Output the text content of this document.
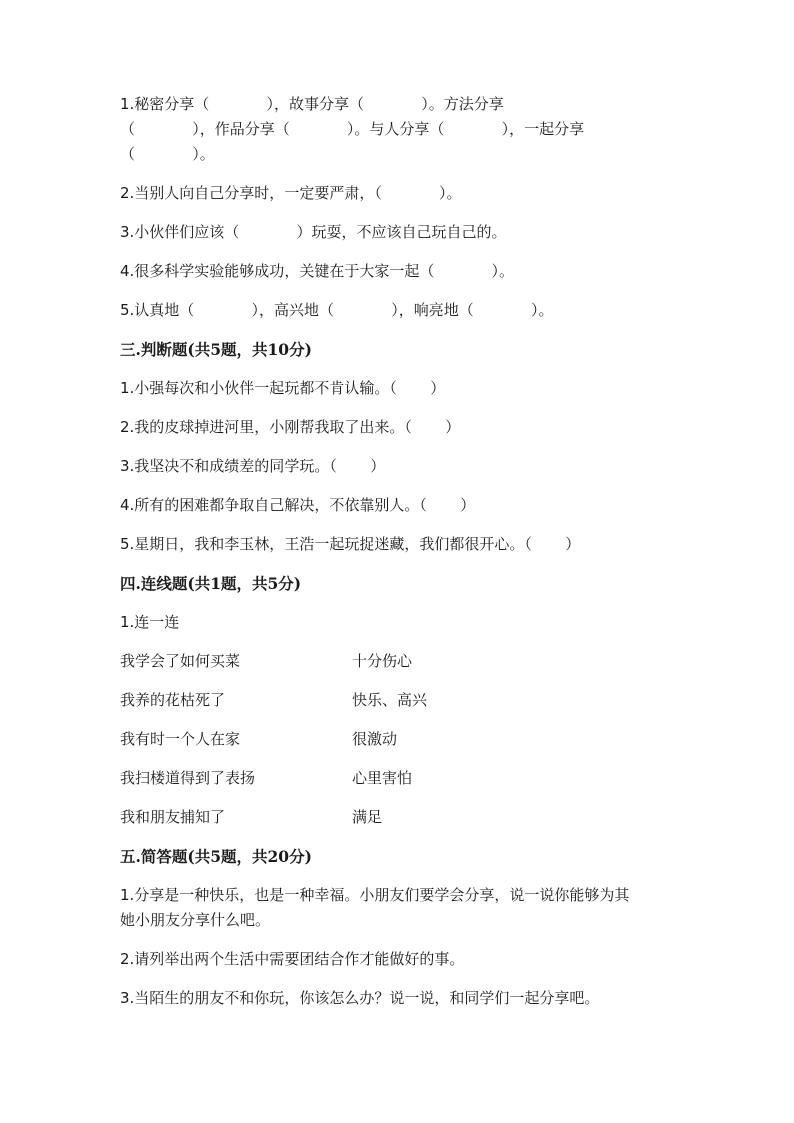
1.秘密分享（            ），故事分享（            ）。方法分享

（            ），作品分享（            ）。与人分享（            ），一起分享

（            ）。

2.当别人向自己分享时，一定要严肃，（            ）。

3.小伙伴们应该（            ）玩耍，不应该自己玩自己的。

4.很多科学实验能够成功，关键在于大家一起（            ）。

5.认真地（            ），高兴地（            ），响亮地（            ）。

三.判断题(共5题，共10分)

1.小强每次和小伙伴一起玩都不肯认输。（       ）

2.我的皮球掉进河里，小刚帮我取了出来。（       ）

3.我坚决不和成绩差的同学玩。（       ）

4.所有的困难都争取自己解决，不依靠别人。（       ）

5.星期日，我和李玉林，王浩一起玩捉迷藏，我们都很开心。（       ）

四.连线题(共1题，共5分)

1.连一连

我学会了如何买菜	十分伤心

我养的花枯死了	快乐、高兴

我有时一个人在家	很激动

我扫楼道得到了表扬	心里害怕

我和朋友捕知了	满足

五.简答题(共5题，共20分)

1.分享是一种快乐，也是一种幸福。小朋友们要学会分享，说一说你能够为其

她小朋友分享什么吧。

2.请列举出两个生活中需要团结合作才能做好的事。

3.当陌生的朋友不和你玩，你该怎么办？说一说，和同学们一起分享吧。
